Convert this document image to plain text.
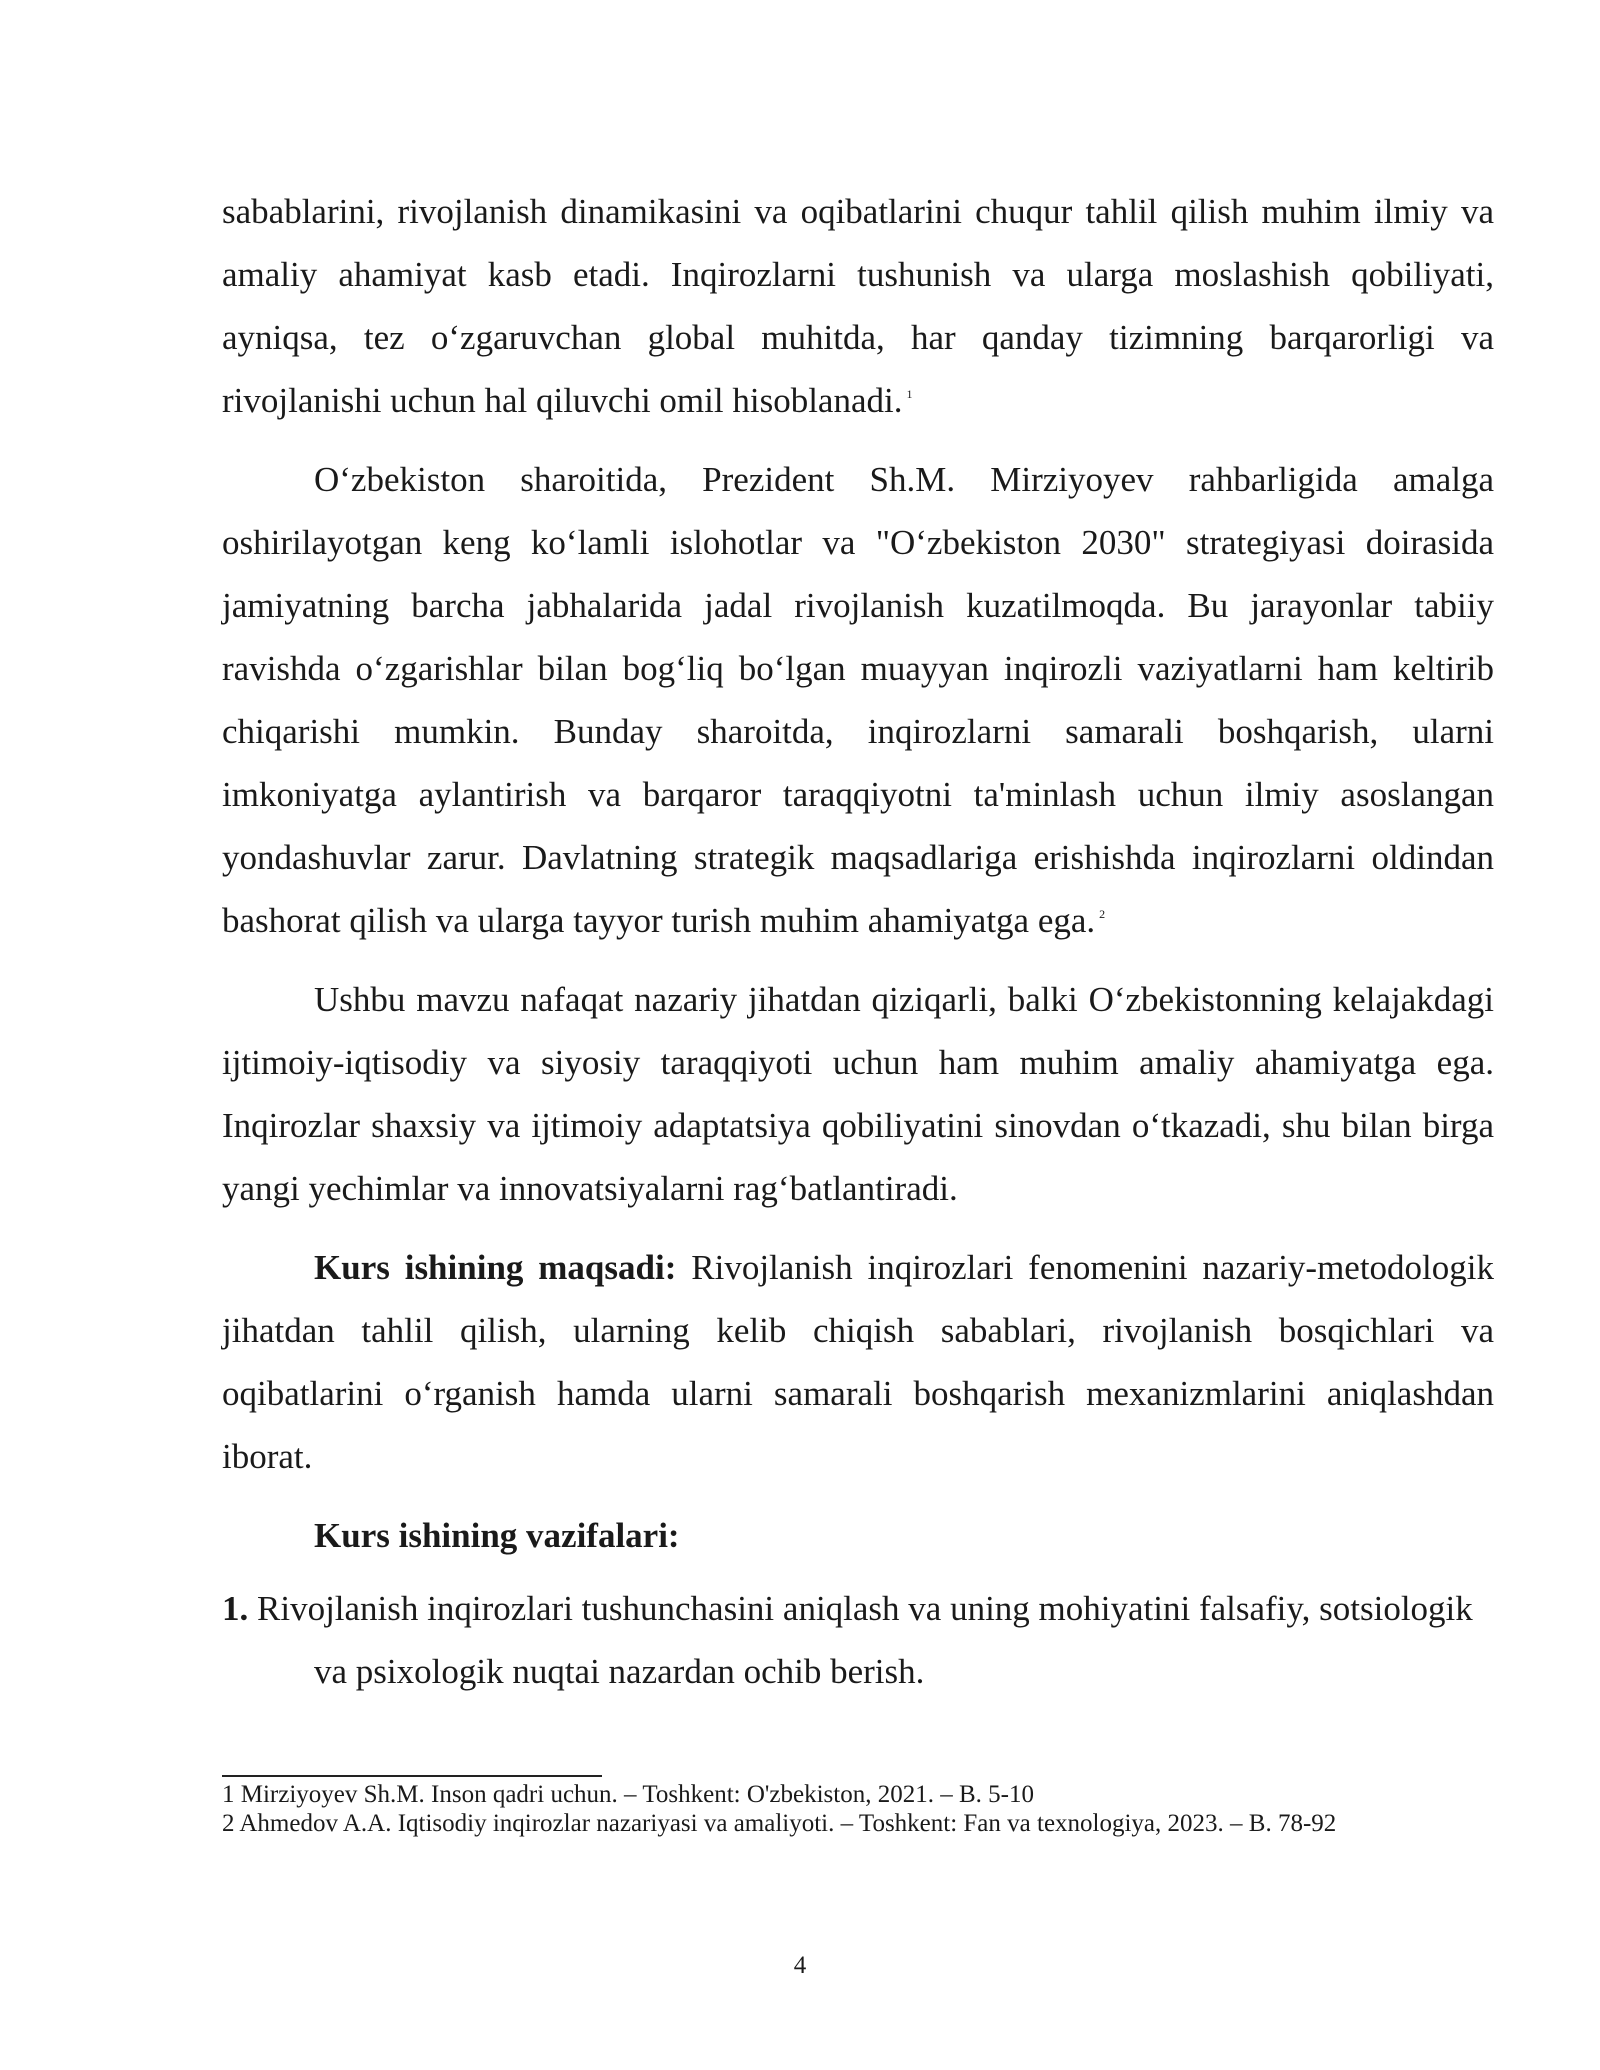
sabablarini, rivojlanish dinamikasini va oqibatlarini chuqur tahlil qilish muhim ilmiy va amaliy ahamiyat kasb etadi. Inqirozlarni tushunish va ularga moslashish qobiliyati, ayniqsa, tez o‘zgaruvchan global muhitda, har qanday tizimning barqarorligi va rivojlanishi uchun hal qiluvchi omil hisoblanadi. $^1$

O‘zbekiston sharoitida, Prezident Sh.M. Mirziyoyev rahbarligida amalga oshirilayotgan keng ko‘lamli islohotlar va "O‘zbekiston 2030" strategiyasi doirasida jamiyatning barcha jabhalarida jadal rivojlanish kuzatilmoqda. Bu jarayonlar tabiiy ravishda o‘zgarishlar bilan bog‘liq bo‘lgan muayyan inqirozli vaziyatlarni ham keltirib chiqarishi mumkin. Bunday sharoitda, inqirozlarni samarali boshqarish, ularni imkoniyatga aylantirish va barqaror taraqqiyotni ta'minlash uchun ilmiy asoslangan yondashuvlar zarur. Davlatning strategik maqsadlariga erishishda inqirozlarni oldindan bashorat qilish va ularga tayyor turish muhim ahamiyatga ega. $^2$

Ushbu mavzu nafaqat nazariy jihatdan qiziqarli, balki O‘zbekistonning kelajakdagi ijtimoiy-iqtisodiy va siyosiy taraqqiyoti uchun ham muhim amaliy ahamiyatga ega. Inqirozlar shaxsiy va ijtimoiy adaptatsiya qobiliyatini sinovdan o‘tkazadi, shu bilan birga yangi yechimlar va innovatsiyalarni rag‘batlantiradi.

Kurs ishining maqsadi: Rivojlanish inqirozlari fenomenini nazariy-metodologik jihatdan tahlil qilish, ularning kelib chiqish sabablari, rivojlanish bosqichlari va oqibatlarini o‘rganish hamda ularni samarali boshqarish mexanizmlarini aniqlashdan iborat.

Kurs ishining vazifalari:

1. Rivojlanish inqirozlari tushunchasini aniqlash va uning mohiyatini falsafiy, sotsiologik va psixologik nuqtai nazardan ochib berish.

1 Mirziyoyev Sh.M. Inson qadri uchun. – Toshkent: O'zbekiston, 2021. – B. 5-10

2 Ahmedov A.A. Iqtisodiy inqirozlar nazariyasi va amaliyoti. – Toshkent: Fan va texnologiya, 2023. – B. 78-92

4
